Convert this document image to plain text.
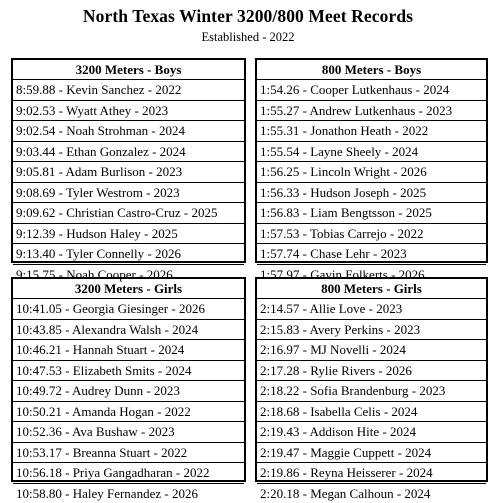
North Texas Winter 3200/800 Meet Records
Established - 2022
3200 Meters - Boys
8:59.88 - Kevin Sanchez - 2022
9:02.53 - Wyatt Athey - 2023
9:02.54 - Noah Strohman - 2024
9:03.44 - Ethan Gonzalez - 2024
9:05.81 - Adam Burlison - 2023
9:08.69 - Tyler Westrom - 2023
9:09.62 - Christian Castro-Cruz - 2025
9:12.39 - Hudson Haley - 2025
9:13.40 - Tyler Connelly - 2026
9:15.75 - Noah Cooper - 2026
800 Meters - Boys
1:54.26 - Cooper Lutkenhaus - 2024
1:55.27 - Andrew Lutkenhaus - 2023
1:55.31 - Jonathon Heath - 2022
1:55.54 - Layne Sheely - 2024
1:56.25 - Lincoln Wright - 2026
1:56.33 - Hudson Joseph - 2025
1:56.83 - Liam Bengtsson - 2025
1:57.53 - Tobias Carrejo - 2022
1:57.74 - Chase Lehr - 2023
1:57.97 - Gavin Folkerts - 2026
3200 Meters - Girls
10:41.05 - Georgia Giesinger - 2026
10:43.85 - Alexandra Walsh - 2024
10:46.21 - Hannah Stuart - 2024
10:47.53 - Elizabeth Smits - 2024
10:49.72 - Audrey Dunn - 2023
10:50.21 - Amanda Hogan - 2022
10:52.36 - Ava Bushaw - 2023
10:53.17 - Breanna Stuart - 2022
10:56.18 - Priya Gangadharan - 2022
10:58.80 - Haley Fernandez - 2026
800 Meters - Girls
2:14.57 - Allie Love - 2023
2:15.83 - Avery Perkins - 2023
2:16.97 - MJ Novelli - 2024
2:17.28 - Rylie Rivers - 2026
2:18.22 - Sofia Brandenburg - 2023
2:18.68 - Isabella Celis - 2024
2:19.43 - Addison Hite - 2024
2:19.47 - Maggie Cuppett - 2024
2:19.86 - Reyna Heisserer - 2024
2:20.18 - Megan Calhoun - 2024
